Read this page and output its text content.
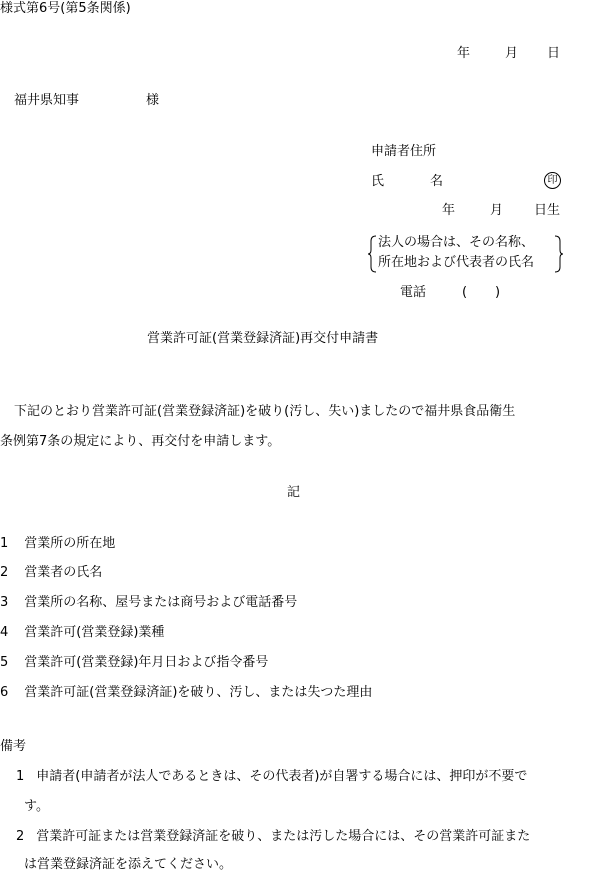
様式第6号(第5条関係)
年	月 日
福井県知事	様
申請者住所
氏	名	印
年	月 日生
法人の場合は、その名称、
所在地および代表者の氏名
電話	( )
営業許可証(営業登録済証)再交付申請書
下記のとおり営業許可証(営業登録済証)を破り(汚し、失い)ましたので福井県食品衛生
条例第7条の規定により、再交付を申請します。
記
1 営業所の所在地
2 営業者の氏名
3 営業所の名称、屋号または商号および電話番号
4 営業許可(営業登録)業種
5 営業許可(営業登録)年月日および指令番号
6 営業許可証(営業登録済証)を破り、汚し、または失つた理由
備考
1 申請者(申請者が法人であるときは、その代表者)が自署する場合には、押印が不要で
す。
2 営業許可証または営業登録済証を破り、または汚した場合には、その営業許可証また
は営業登録済証を添えてください。
